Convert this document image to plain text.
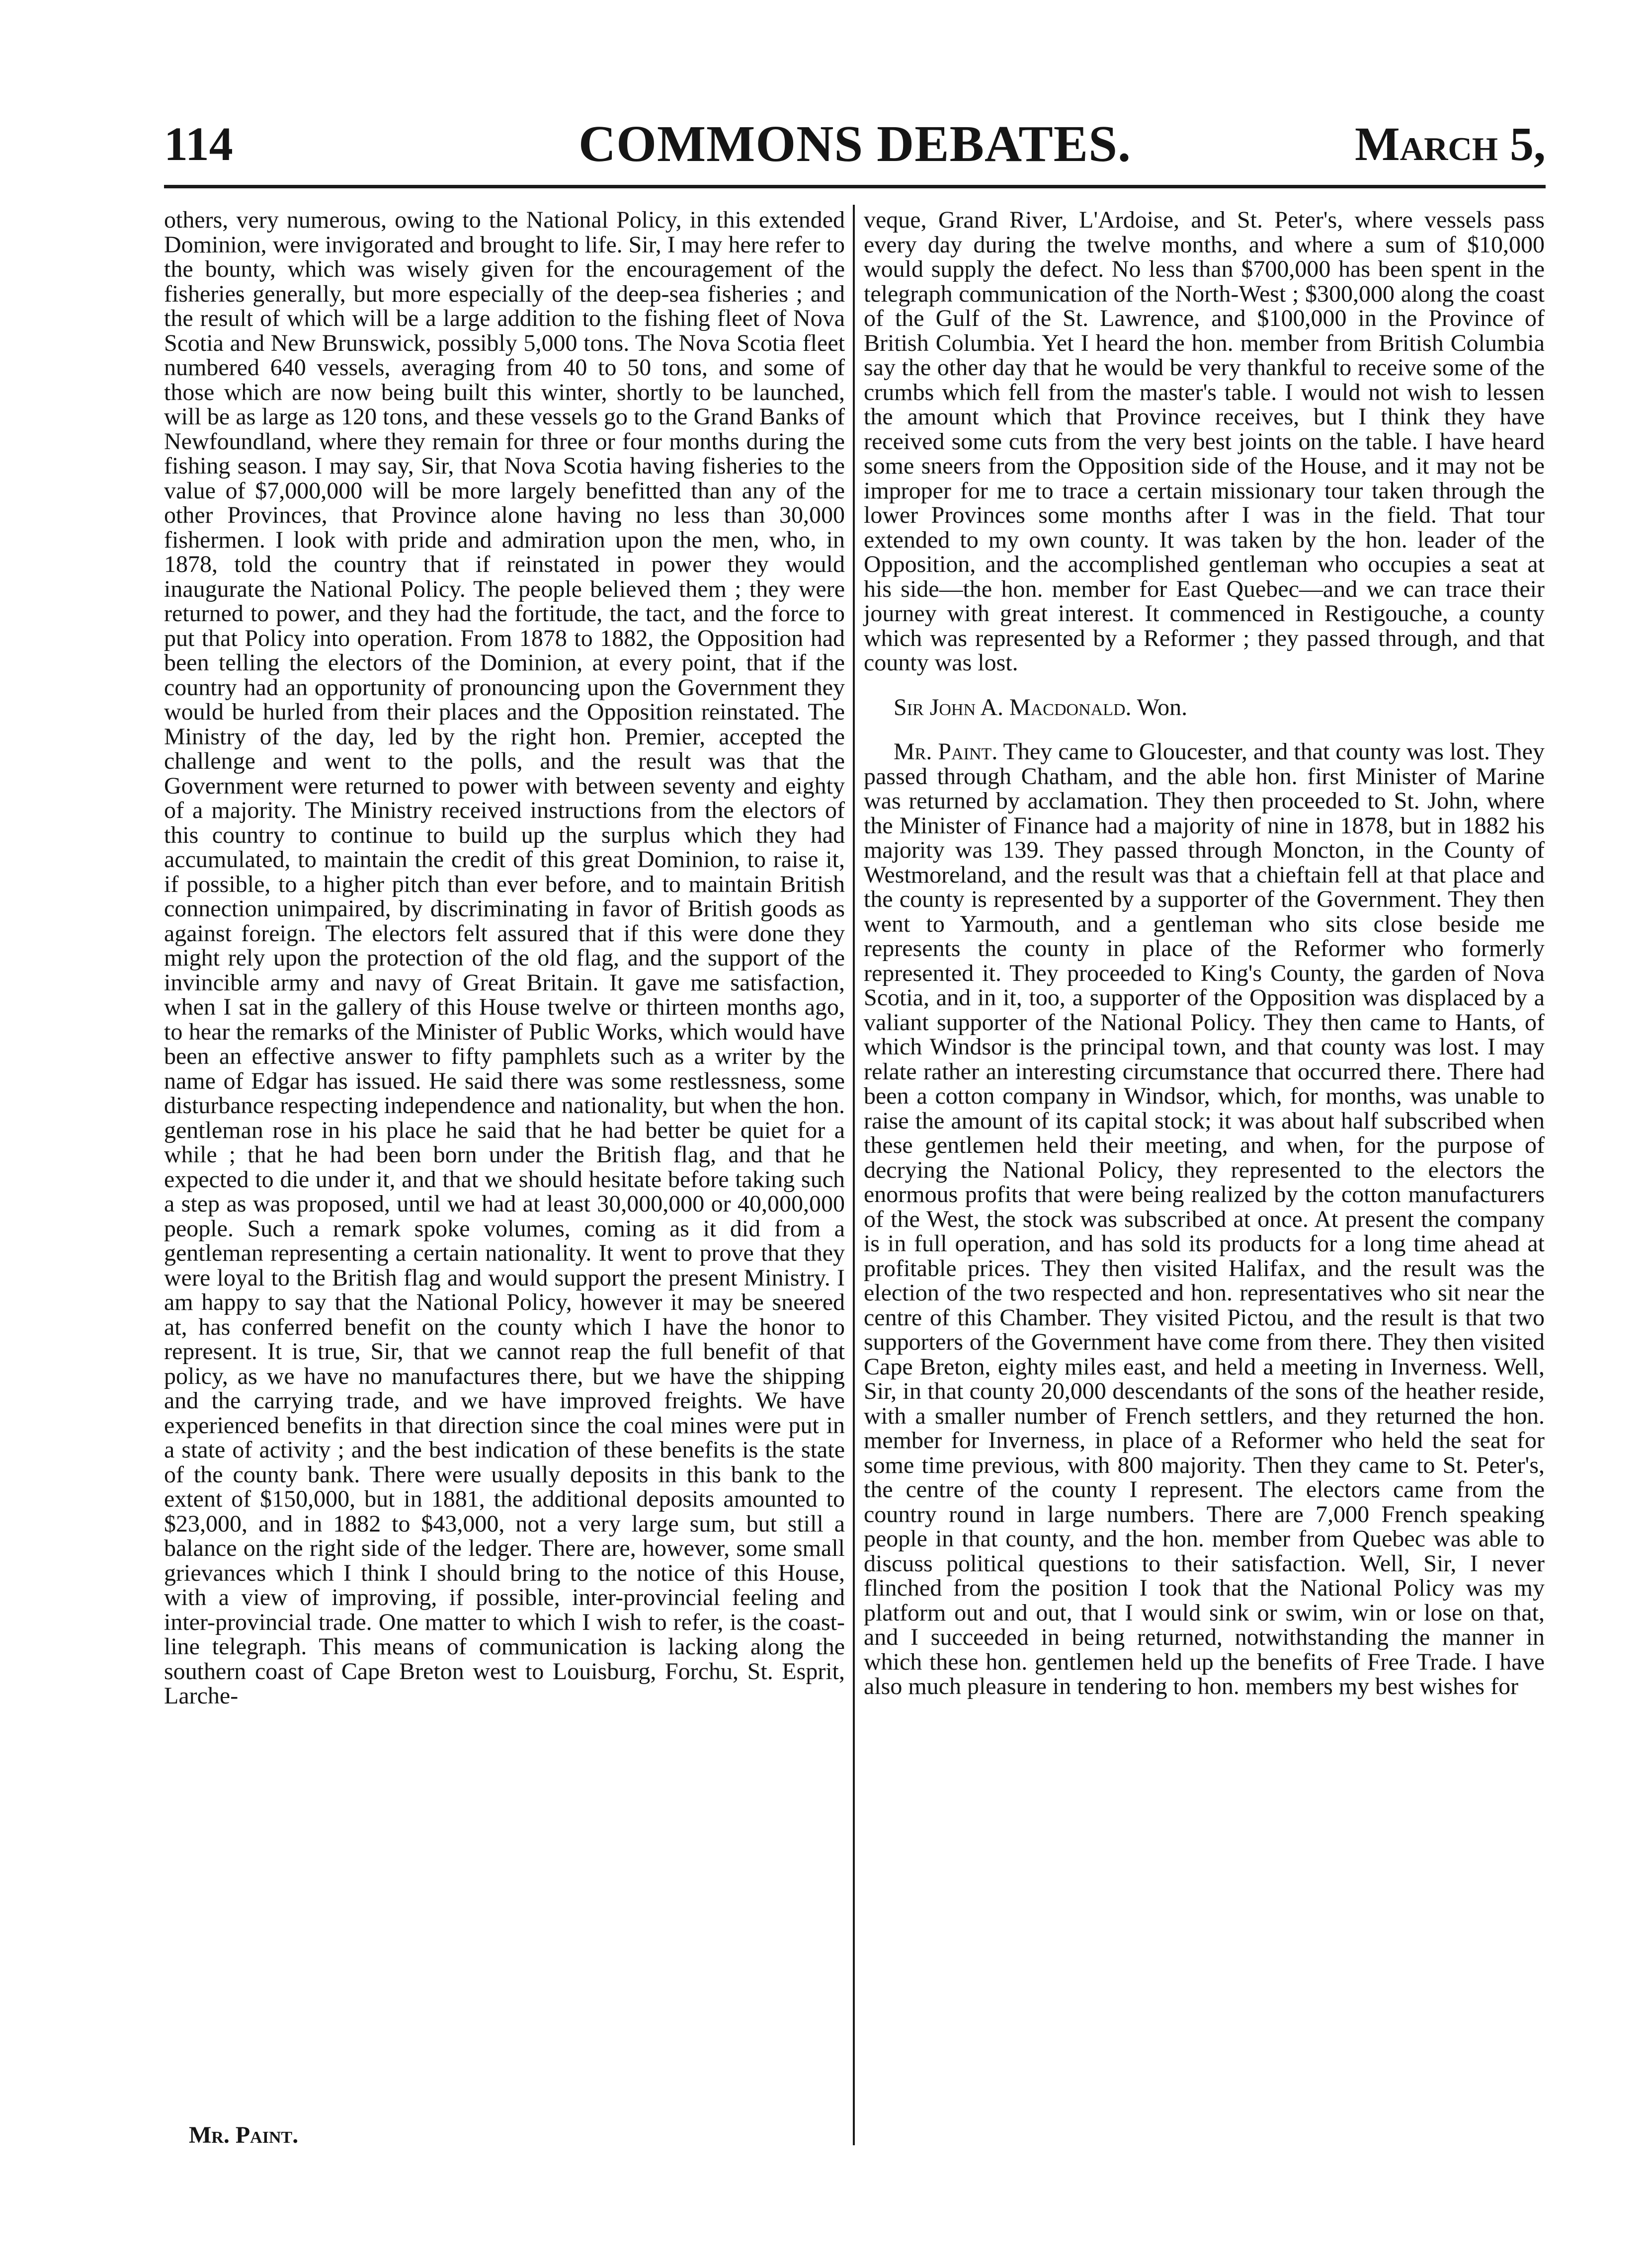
114	COMMONS DEBATES.	March 5,

others, very numerous, owing to the National Policy, in this extended Dominion, were invigorated and brought to life. Sir, I may here refer to the bounty, which was wisely given for the encouragement of the fisheries generally, but more especially of the deep-sea fisheries ; and the result of which will be a large addition to the fishing fleet of Nova Scotia and New Brunswick, possibly 5,000 tons. The Nova Scotia fleet numbered 640 vessels, averaging from 40 to 50 tons, and some of those which are now being built this winter, shortly to be launched, will be as large as 120 tons, and these vessels go to the Grand Banks of Newfoundland, where they remain for three or four months during the fishing season. I may say, Sir, that Nova Scotia having fisheries to the value of $7,000,000 will be more largely benefitted than any of the other Provinces, that Province alone having no less than 30,000 fishermen. I look with pride and admiration upon the men, who, in 1878, told the country that if reinstated in power they would inaugurate the National Policy. The people believed them ; they were returned to power, and they had the fortitude, the tact, and the force to put that Policy into operation. From 1878 to 1882, the Opposition had been telling the electors of the Dominion, at every point, that if the country had an opportunity of pronouncing upon the Government they would be hurled from their places and the Opposition reinstated. The Ministry of the day, led by the right hon. Premier, accepted the challenge and went to the polls, and the result was that the Government were returned to power with between seventy and eighty of a majority. The Ministry received instructions from the electors of this country to continue to build up the surplus which they had accumulated, to maintain the credit of this great Dominion, to raise it, if possible, to a higher pitch than ever before, and to maintain British connection unimpaired, by discriminating in favor of British goods as against foreign. The electors felt assured that if this were done they might rely upon the protection of the old flag, and the support of the invincible army and navy of Great Britain. It gave me satisfaction, when I sat in the gallery of this House twelve or thirteen months ago, to hear the remarks of the Minister of Public Works, which would have been an effective answer to fifty pamphlets such as a writer by the name of Edgar has issued. He said there was some restlessness, some disturbance respecting independence and nationality, but when the hon. gentleman rose in his place he said that he had better be quiet for a while ; that he had been born under the British flag, and that he expected to die under it, and that we should hesitate before taking such a step as was proposed, until we had at least 30,000,000 or 40,000,000 people. Such a remark spoke volumes, coming as it did from a gentleman representing a certain nationality. It went to prove that they were loyal to the British flag and would support the present Ministry. I am happy to say that the National Policy, however it may be sneered at, has conferred benefit on the county which I have the honor to represent. It is true, Sir, that we cannot reap the full benefit of that policy, as we have no manufactures there, but we have the shipping and the carrying trade, and we have improved freights. We have experienced benefits in that direction since the coal mines were put in a state of activity ; and the best indication of these benefits is the state of the county bank. There were usually deposits in this bank to the extent of $150,000, but in 1881, the additional deposits amounted to $23,000, and in 1882 to $43,000, not a very large sum, but still a balance on the right side of the ledger. There are, however, some small grievances which I think I should bring to the notice of this House, with a view of improving, if possible, inter-provincial feeling and inter-provincial trade. One matter to which I wish to refer, is the coast-line telegraph. This means of communication is lacking along the southern coast of Cape Breton west to Louisburg, Forchu, St. Esprit, Larche-

veque, Grand River, L'Ardoise, and St. Peter's, where vessels pass every day during the twelve months, and where a sum of $10,000 would supply the defect. No less than $700,000 has been spent in the telegraph communication of the North-West ; $300,000 along the coast of the Gulf of the St. Lawrence, and $100,000 in the Province of British Columbia. Yet I heard the hon. member from British Columbia say the other day that he would be very thankful to receive some of the crumbs which fell from the master's table. I would not wish to lessen the amount which that Province receives, but I think they have received some cuts from the very best joints on the table. I have heard some sneers from the Opposition side of the House, and it may not be improper for me to trace a certain missionary tour taken through the lower Provinces some months after I was in the field. That tour extended to my own county. It was taken by the hon. leader of the Opposition, and the accomplished gentleman who occupies a seat at his side—the hon. member for East Quebec—and we can trace their journey with great interest. It commenced in Restigouche, a county which was represented by a Reformer ; they passed through, and that county was lost.

Sir John A. Macdonald. Won.

Mr. Paint. They came to Gloucester, and that county was lost. They passed through Chatham, and the able hon. first Minister of Marine was returned by acclamation. They then proceeded to St. John, where the Minister of Finance had a majority of nine in 1878, but in 1882 his majority was 139. They passed through Moncton, in the County of Westmoreland, and the result was that a chieftain fell at that place and the county is represented by a supporter of the Government. They then went to Yarmouth, and a gentleman who sits close beside me represents the county in place of the Reformer who formerly represented it. They proceeded to King's County, the garden of Nova Scotia, and in it, too, a supporter of the Opposition was displaced by a valiant supporter of the National Policy. They then came to Hants, of which Windsor is the principal town, and that county was lost. I may relate rather an interesting circumstance that occurred there. There had been a cotton company in Windsor, which, for months, was unable to raise the amount of its capital stock; it was about half subscribed when these gentlemen held their meeting, and when, for the purpose of decrying the National Policy, they represented to the electors the enormous profits that were being realized by the cotton manufacturers of the West, the stock was subscribed at once. At present the company is in full operation, and has sold its products for a long time ahead at profitable prices. They then visited Halifax, and the result was the election of the two respected and hon. representatives who sit near the centre of this Chamber. They visited Pictou, and the result is that two supporters of the Government have come from there. They then visited Cape Breton, eighty miles east, and held a meeting in Inverness. Well, Sir, in that county 20,000 descendants of the sons of the heather reside, with a smaller number of French settlers, and they returned the hon. member for Inverness, in place of a Reformer who held the seat for some time previous, with 800 majority. Then they came to St. Peter's, the centre of the county I represent. The electors came from the country round in large numbers. There are 7,000 French speaking people in that county, and the hon. member from Quebec was able to discuss political questions to their satisfaction. Well, Sir, I never flinched from the position I took that the National Policy was my platform out and out, that I would sink or swim, win or lose on that, and I succeeded in being returned, notwithstanding the manner in which these hon. gentlemen held up the benefits of Free Trade. I have also much pleasure in tendering to hon. members my best wishes for

Mr. Paint.
